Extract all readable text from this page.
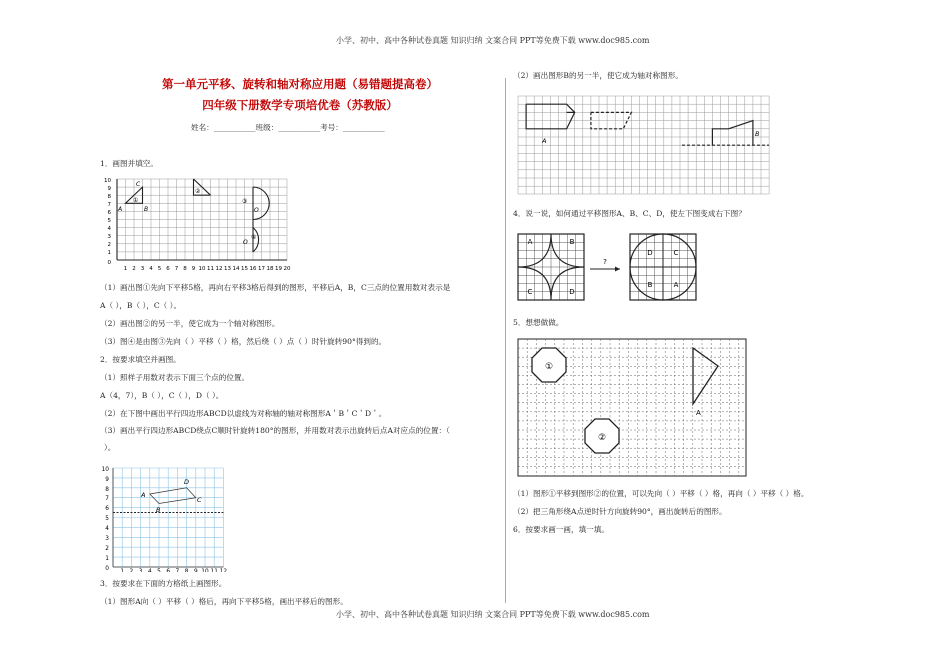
小学、初中、高中各种试卷真题 知识归纳 文案合同 PPT等免费下载 www.doc985.com
小学、初中、高中各种试卷真题 知识归纳 文案合同 PPT等免费下载 www.doc985.com
第一单元平移、旋转和轴对称应用题（易错题提高卷）
四年级下册数学专项培优卷（苏教版）
姓名：___________班级：___________考号：___________
1．画图并填空。
10
9
8
7
6
5
4
3
2
1
0
1 2 3 4 5 6 7 8 9 10 11 12 13 14 15 16 17 18 19 20
A	B
C
①
②
③
④
O
O
（1）画出图①先向下平移5格，再向右平移3格后得到的图形，平移后A，B，C三点的位置用数对表示是
A（ ），B（ ），C（ ）。
（2）画出图②的另一半，使它成为一个轴对称图形。
（3）图④是由图③先向（ ）平移（ ）格，然后绕（ ）点（ ）时针旋转90°得到的。
2．按要求填空并画图。
（1）照样子用数对表示下面三个点的位置。
A（4，7），B（ ），C（ ），D（ ）。
（2）在下图中画出平行四边形ABCD以虚线为对称轴的轴对称图形A＇B＇C＇D＇。
（3）画出平行四边形ABCD绕点C顺时针旋转180°的图形，并用数对表示出旋转后点A对应点的位置：（
）。
10
9
8
7
6
5
4
3
2
1
0 1 2 3 4 5 6 7 8 9 10 11 12
A
B
C
D
3．按要求在下面的方格纸上画图形。
（1）图形A向（ ）平移（ ）格后，再向下平移5格，画出平移后的图形。
（2）画出图形B的另一半，使它成为轴对称图形。
A
B
4．说一说，如何通过平移图形A、B、C、D，使左下图变成右下图？
A	B
C	D
?
D	C
B	A
5．想想做做。
①
②
A
（1）图形①平移到图形②的位置，可以先向（ ）平移（ ）格，再向（ ）平移（ ）格。
（2）把三角形绕A点逆时针方向旋转90°，画出旋转后的图形。
6．按要求画一画，填一填。
